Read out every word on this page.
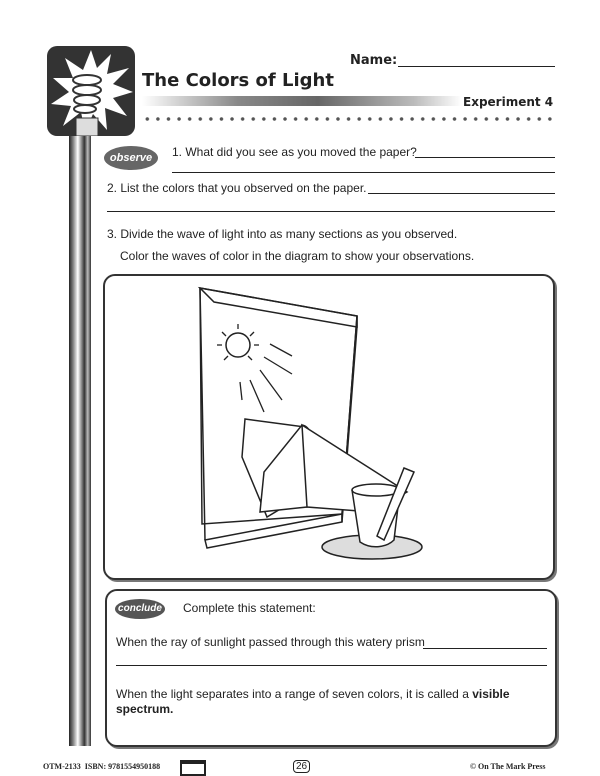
Name:
The Colors of Light
Experiment 4
observe	1. What did you see as you moved the paper?
2. List the colors that you observed on the paper.
3. Divide the wave of light into as many sections as you observed.
Color the waves of color in the diagram to show your observations.
conclude Complete this statement:
When the ray of sunlight passed through this watery prism
When the light separates into a range of seven colors, it is called a visible spectrum.
OTM-2133  ISBN: 9781554950188	26	© On The Mark Press
